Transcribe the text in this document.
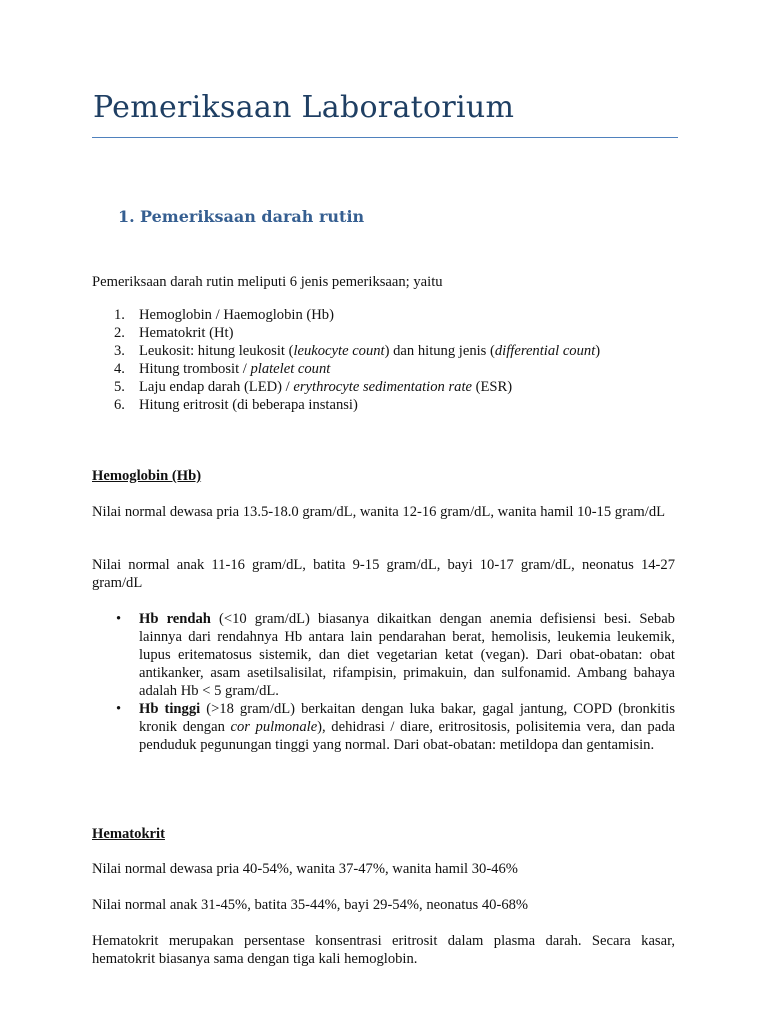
Pemeriksaan Laboratorium
1. Pemeriksaan darah rutin

Pemeriksaan darah rutin meliputi 6 jenis pemeriksaan; yaitu

1. Hemoglobin / Haemoglobin (Hb)
2. Hematokrit (Ht)
3. Leukosit: hitung leukosit (leukocyte count) dan hitung jenis (differential count)
4. Hitung trombosit / platelet count
5. Laju endap darah (LED) / erythrocyte sedimentation rate (ESR)
6. Hitung eritrosit (di beberapa instansi)

Hemoglobin (Hb)

Nilai normal dewasa pria 13.5-18.0 gram/dL, wanita 12-16 gram/dL, wanita hamil 10-15 gram/dL

Nilai normal anak 11-16 gram/dL, batita 9-15 gram/dL, bayi 10-17 gram/dL, neonatus 14-27 gram/dL

• Hb rendah (<10 gram/dL) biasanya dikaitkan dengan anemia defisiensi besi. Sebab lainnya dari rendahnya Hb antara lain pendarahan berat, hemolisis, leukemia leukemik, lupus eritematosus sistemik, dan diet vegetarian ketat (vegan). Dari obat-obatan: obat antikanker, asam asetilsalisilat, rifampisin, primakuin, dan sulfonamid. Ambang bahaya adalah Hb < 5 gram/dL.
• Hb tinggi (>18 gram/dL) berkaitan dengan luka bakar, gagal jantung, COPD (bronkitis kronik dengan cor pulmonale), dehidrasi / diare, eritrositosis, polisitemia vera, dan pada penduduk pegunungan tinggi yang normal. Dari obat-obatan: metildopa dan gentamisin.

Hematokrit

Nilai normal dewasa pria 40-54%, wanita 37-47%, wanita hamil 30-46%

Nilai normal anak 31-45%, batita 35-44%, bayi 29-54%, neonatus 40-68%

Hematokrit merupakan persentase konsentrasi eritrosit dalam plasma darah. Secara kasar, hematokrit biasanya sama dengan tiga kali hemoglobin.
